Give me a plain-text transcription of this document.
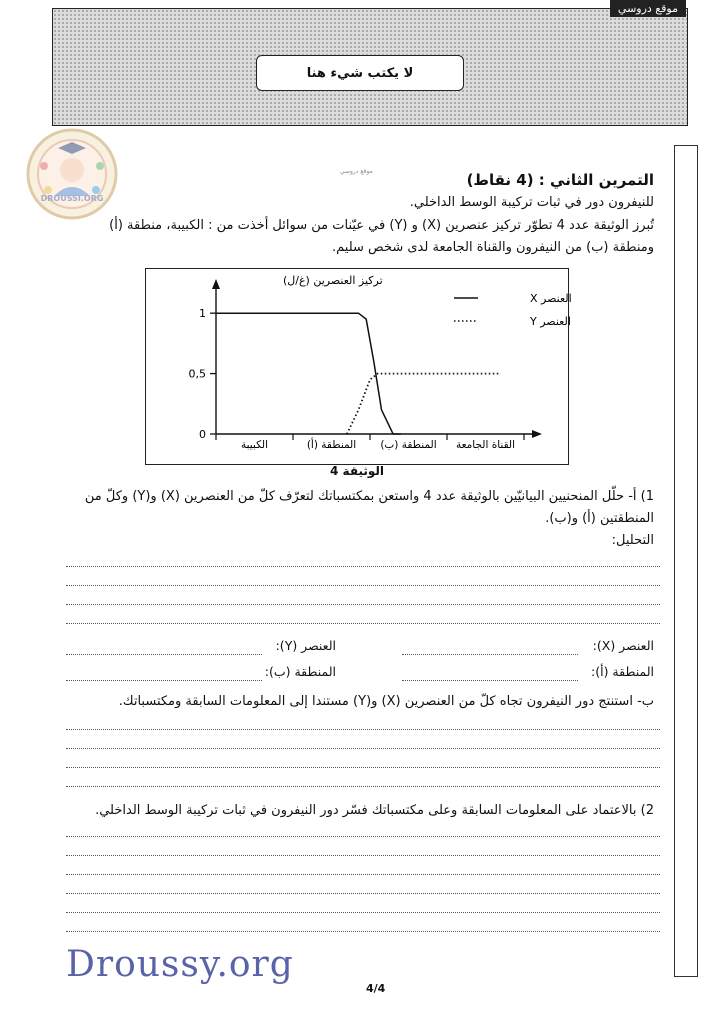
موقع دروسي
لا يكتب شيء هنا
DROUSSI.ORG
موقع دروسي	التمرين الثاني : (4 نقاط)
للنيفرون دور في ثبات تركيبة الوسط الداخلي.
تُبرز الوثيقة عدد 4 تطوّر تركيز عنصرين (X) و (Y) في عيّنات من سوائل أخذت من : الكبيبة، منطقة (أ)
ومنطقة (ب) من النيفرون والقناة الجامعة لدى شخص سليم.
تركيز العنصرين (غ/ل)
0
0,5
1
الكبيبة	المنطقة (أ) المنطقة (ب) القناة الجامعة
العنصر X
العنصر Y
الوثيقة 4
1) أ- حلّل المنحنيين البيانيّين بالوثيقة عدد 4 واستعن بمكتسباتك لتعرّف كلّ من العنصرين (X) و(Y) وكلّ من
المنطقتين (أ) و(ب).
التحليل:
العنصر (X):
العنصر (Y):
المنطقة (أ):
المنطقة (ب):
ب- استنتج دور النيفرون تجاه كلّ من العنصرين (X) و(Y) مستندا إلى المعلومات السابقة ومكتسباتك.
2) بالاعتماد على المعلومات السابقة وعلى مكتسباتك فسّر دور النيفرون في ثبات تركيبة الوسط الداخلي.
Droussy.org
4/4
